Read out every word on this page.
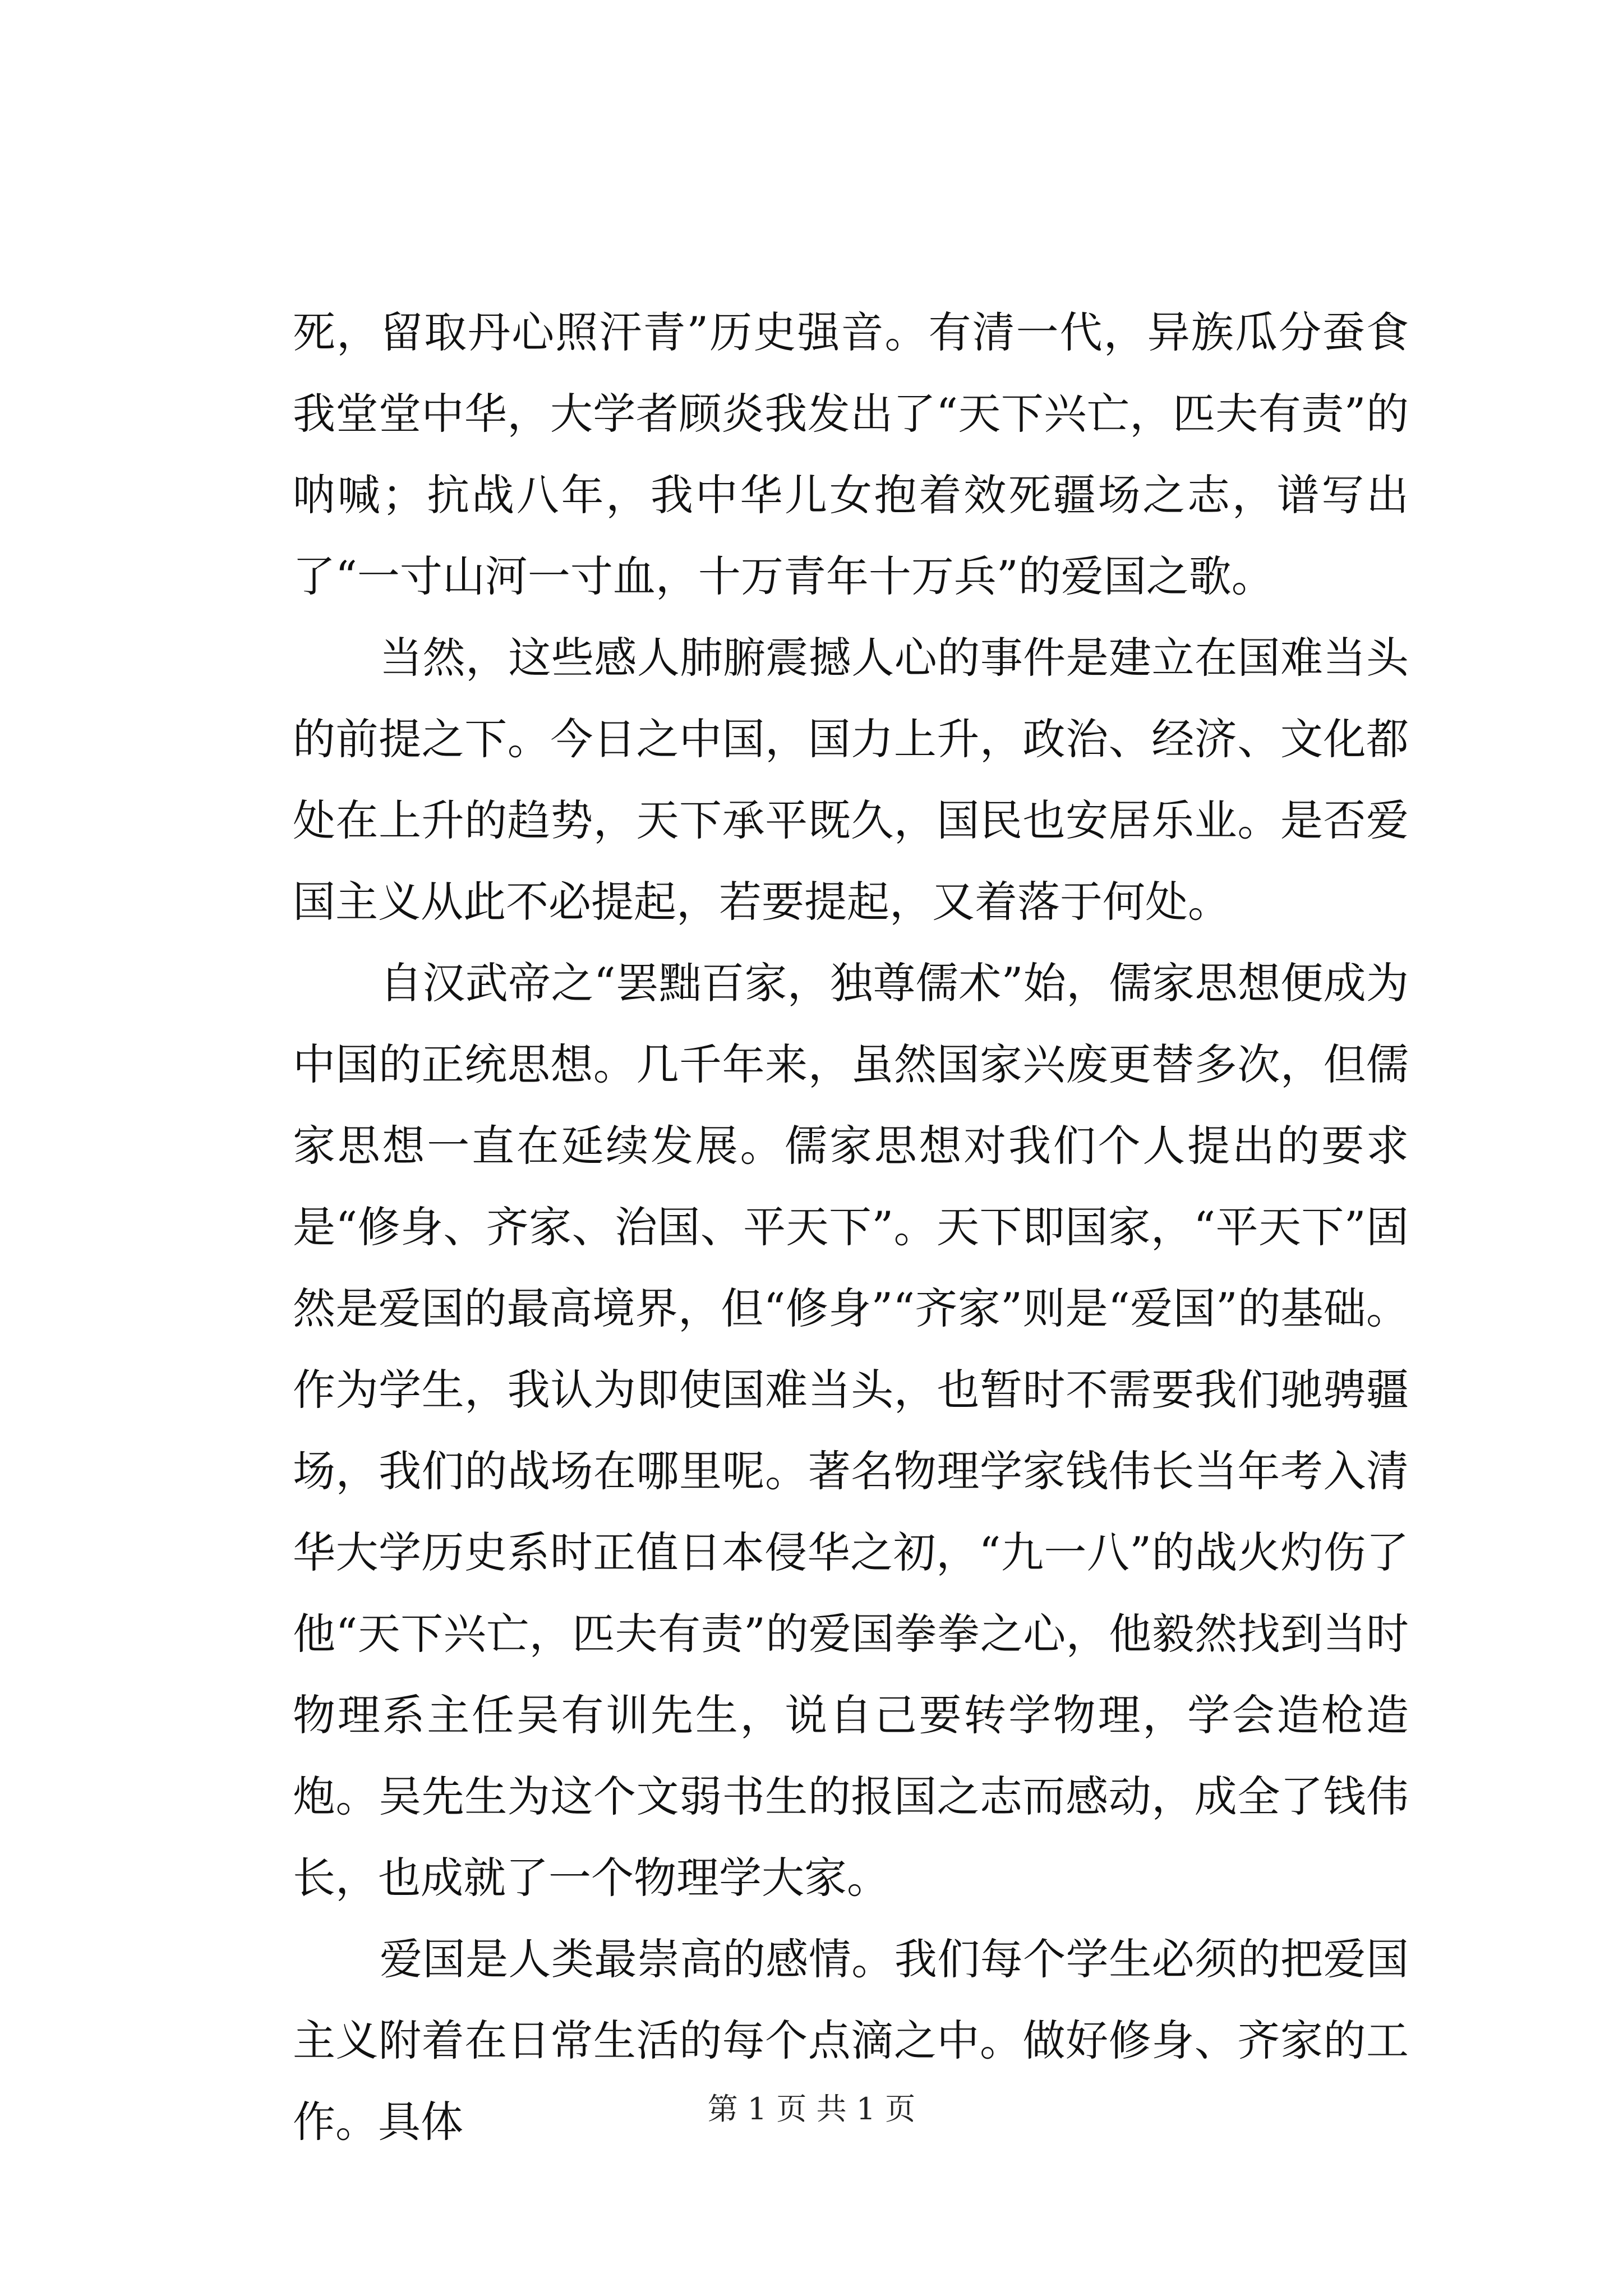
死，留取丹心照汗青”历史强音。有清一代，异族瓜分蚕食我堂堂中华，大学者顾炎我发出了“天下兴亡，匹夫有责”的呐喊；抗战八年，我中华儿女抱着效死疆场之志，谱写出了“一寸山河一寸血，十万青年十万兵”的爱国之歌。

当然，这些感人肺腑震撼人心的事件是建立在国难当头的前提之下。今日之中国，国力上升，政治、经济、文化都处在上升的趋势，天下承平既久，国民也安居乐业。是否爱国主义从此不必提起，若要提起，又着落于何处。

自汉武帝之“罢黜百家，独尊儒术”始，儒家思想便成为中国的正统思想。几千年来，虽然国家兴废更替多次，但儒家思想一直在延续发展。儒家思想对我们个人提出的要求是“修身、齐家、治国、平天下”。天下即国家，“平天下”固然是爱国的最高境界，但“修身”“齐家”则是“爱国”的基础。作为学生，我认为即使国难当头，也暂时不需要我们驰骋疆场，我们的战场在哪里呢。著名物理学家钱伟长当年考入清华大学历史系时正值日本侵华之初，“九一八”的战火灼伤了他“天下兴亡，匹夫有责”的爱国拳拳之心，他毅然找到当时物理系主任吴有训先生，说自己要转学物理，学会造枪造炮。吴先生为这个文弱书生的报国之志而感动，成全了钱伟长，也成就了一个物理学大家。

爱国是人类最崇高的感情。我们每个学生必须的把爱国主义附着在日常生活的每个点滴之中。做好修身、齐家的工作。具体	第 1 页 共 1 页
